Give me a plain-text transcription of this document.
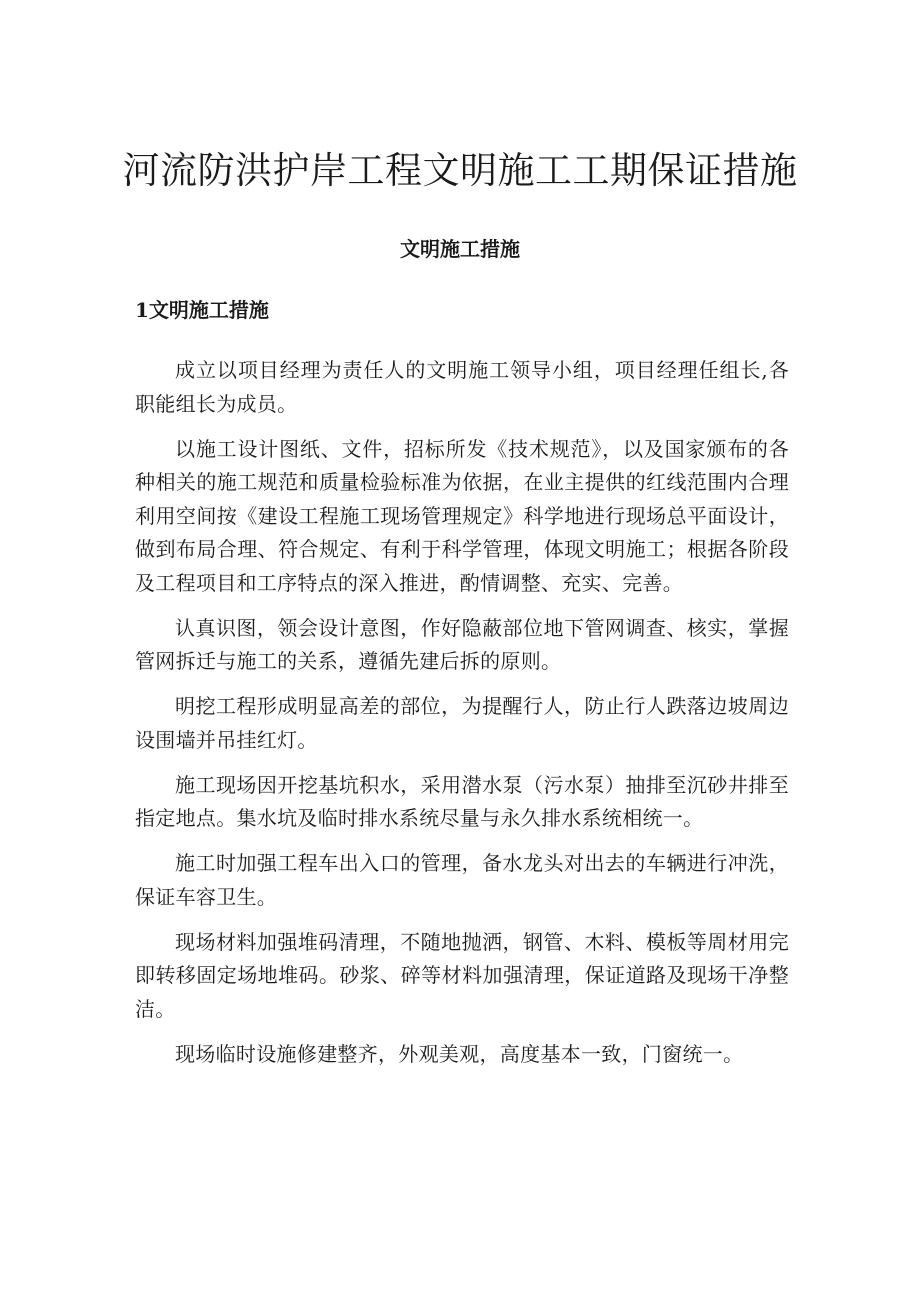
河流防洪护岸工程文明施工工期保证措施
文明施工措施
1文明施工措施

成立以项目经理为责任人的文明施工领导小组，项目经理任组长,各职能组长为成员。

以施工设计图纸、文件，招标所发《技术规范》，以及国家颁布的各种相关的施工规范和质量检验标准为依据，在业主提供的红线范围内合理利用空间按《建设工程施工现场管理规定》科学地进行现场总平面设计，做到布局合理、符合规定、有利于科学管理，体现文明施工；根据各阶段及工程项目和工序特点的深入推进，酌情调整、充实、完善。

认真识图，领会设计意图，作好隐蔽部位地下管网调查、核实，掌握管网拆迁与施工的关系，遵循先建后拆的原则。

明挖工程形成明显高差的部位，为提醒行人，防止行人跌落边坡周边设围墙并吊挂红灯。

施工现场因开挖基坑积水，采用潜水泵（污水泵）抽排至沉砂井排至指定地点。集水坑及临时排水系统尽量与永久排水系统相统一。

施工时加强工程车出入口的管理，备水龙头对出去的车辆进行冲洗，保证车容卫生。

现场材料加强堆码清理，不随地抛洒，钢管、木料、模板等周材用完即转移固定场地堆码。砂浆、碎等材料加强清理，保证道路及现场干净整洁。

现场临时设施修建整齐，外观美观，高度基本一致，门窗统一。
